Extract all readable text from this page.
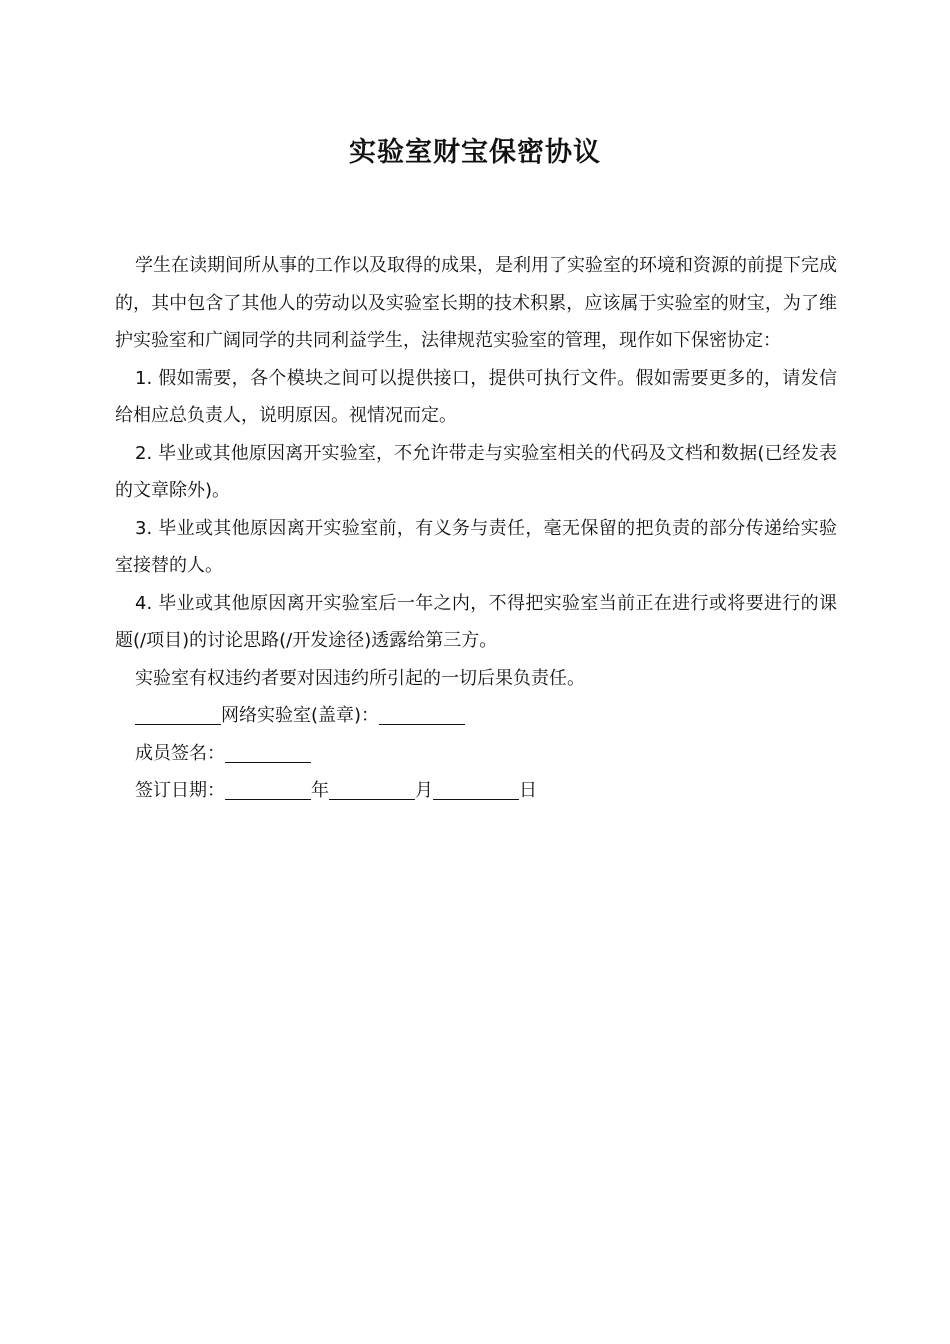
实验室财宝保密协议

学生在读期间所从事的工作以及取得的成果，是利用了实验室的环境和资源的前提下完成的，其中包含了其他人的劳动以及实验室长期的技术积累，应该属于实验室的财宝，为了维护实验室和广阔同学的共同利益学生，法律规范实验室的管理，现作如下保密协定：

1. 假如需要，各个模块之间可以提供接口，提供可执行文件。假如需要更多的，请发信给相应总负责人，说明原因。视情况而定。

2. 毕业或其他原因离开实验室，不允许带走与实验室相关的代码及文档和数据(已经发表的文章除外)。

3. 毕业或其他原因离开实验室前，有义务与责任，毫无保留的把负责的部分传递给实验室接替的人。

4. 毕业或其他原因离开实验室后一年之内，不得把实验室当前正在进行或将要进行的课题(/项目)的讨论思路(/开发途径)透露给第三方。

实验室有权违约者要对因违约所引起的一切后果负责任。

网络实验室(盖章)：

成员签名：

签订日期：	年	月	日
